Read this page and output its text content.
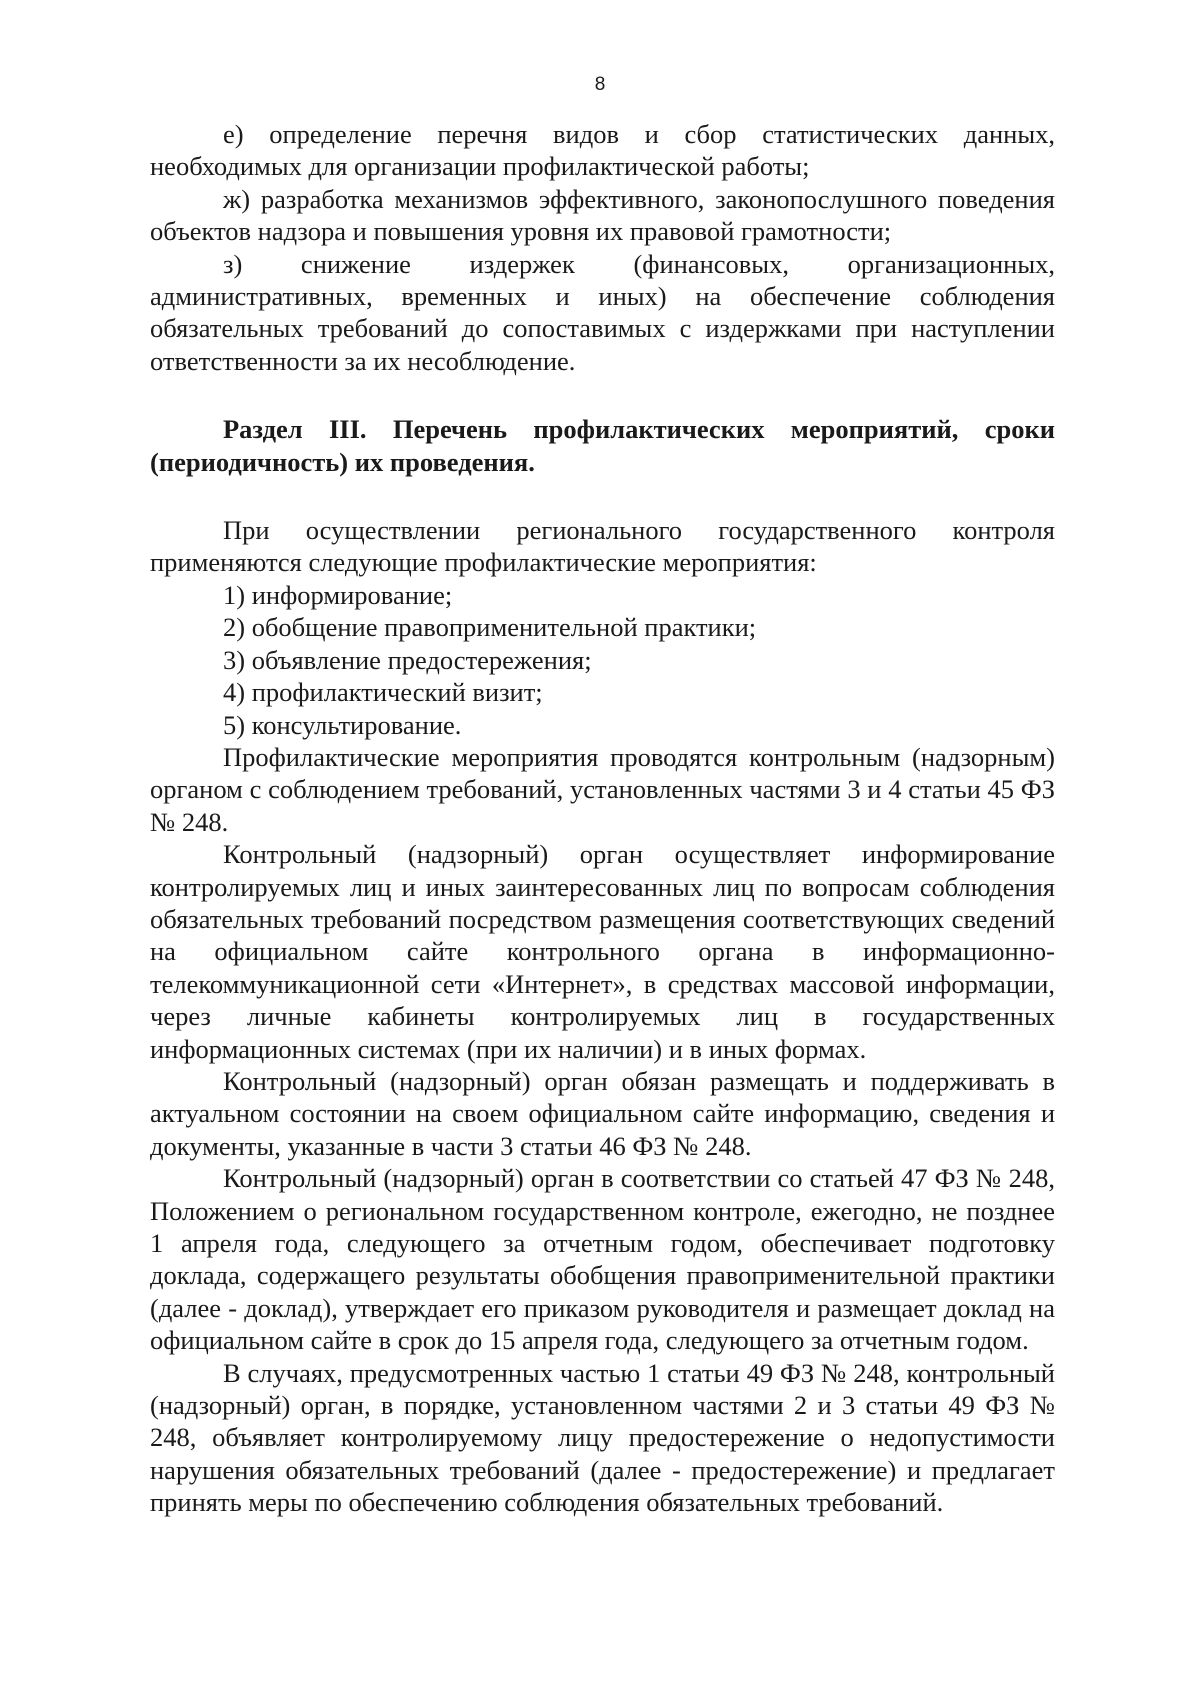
8

е) определение перечня видов и сбор статистических данных, необходимых для организации профилактической работы;

ж) разработка механизмов эффективного, законопослушного поведения объектов надзора и повышения уровня их правовой грамотности;

з) снижение издержек (финансовых, организационных, административных, временных и иных) на обеспечение соблюдения обязательных требований до сопоставимых с издержками при наступлении ответственности за их несоблюдение.

Раздел III. Перечень профилактических мероприятий, сроки (периодичность) их проведения.

При осуществлении регионального государственного контроля применяются следующие профилактические мероприятия:

1) информирование;

2) обобщение правоприменительной практики;

3) объявление предостережения;

4) профилактический визит;

5) консультирование.

Профилактические мероприятия проводятся контрольным (надзорным) органом с соблюдением требований, установленных частями 3 и 4 статьи 45 ФЗ № 248.

Контрольный (надзорный) орган осуществляет информирование контролируемых лиц и иных заинтересованных лиц по вопросам соблюдения обязательных требований посредством размещения соответствующих сведений на официальном сайте контрольного органа в информационно-телекоммуникационной сети «Интернет», в средствах массовой информации, через личные кабинеты контролируемых лиц в государственных информационных системах (при их наличии) и в иных формах.

Контрольный (надзорный) орган обязан размещать и поддерживать в актуальном состоянии на своем официальном сайте информацию, сведения и документы, указанные в части 3 статьи 46 ФЗ № 248.

Контрольный (надзорный) орган в соответствии со статьей 47 ФЗ № 248, Положением о региональном государственном контроле, ежегодно, не позднее 1 апреля года, следующего за отчетным годом, обеспечивает подготовку доклада, содержащего результаты обобщения правоприменительной практики (далее - доклад), утверждает его приказом руководителя и размещает доклад на официальном сайте в срок до 15 апреля года, следующего за отчетным годом.

В случаях, предусмотренных частью 1 статьи 49 ФЗ № 248, контрольный (надзорный) орган, в порядке, установленном частями 2 и 3 статьи 49 ФЗ № 248, объявляет контролируемому лицу предостережение о недопустимости нарушения обязательных требований (далее - предостережение) и предлагает принять меры по обеспечению соблюдения обязательных требований.
